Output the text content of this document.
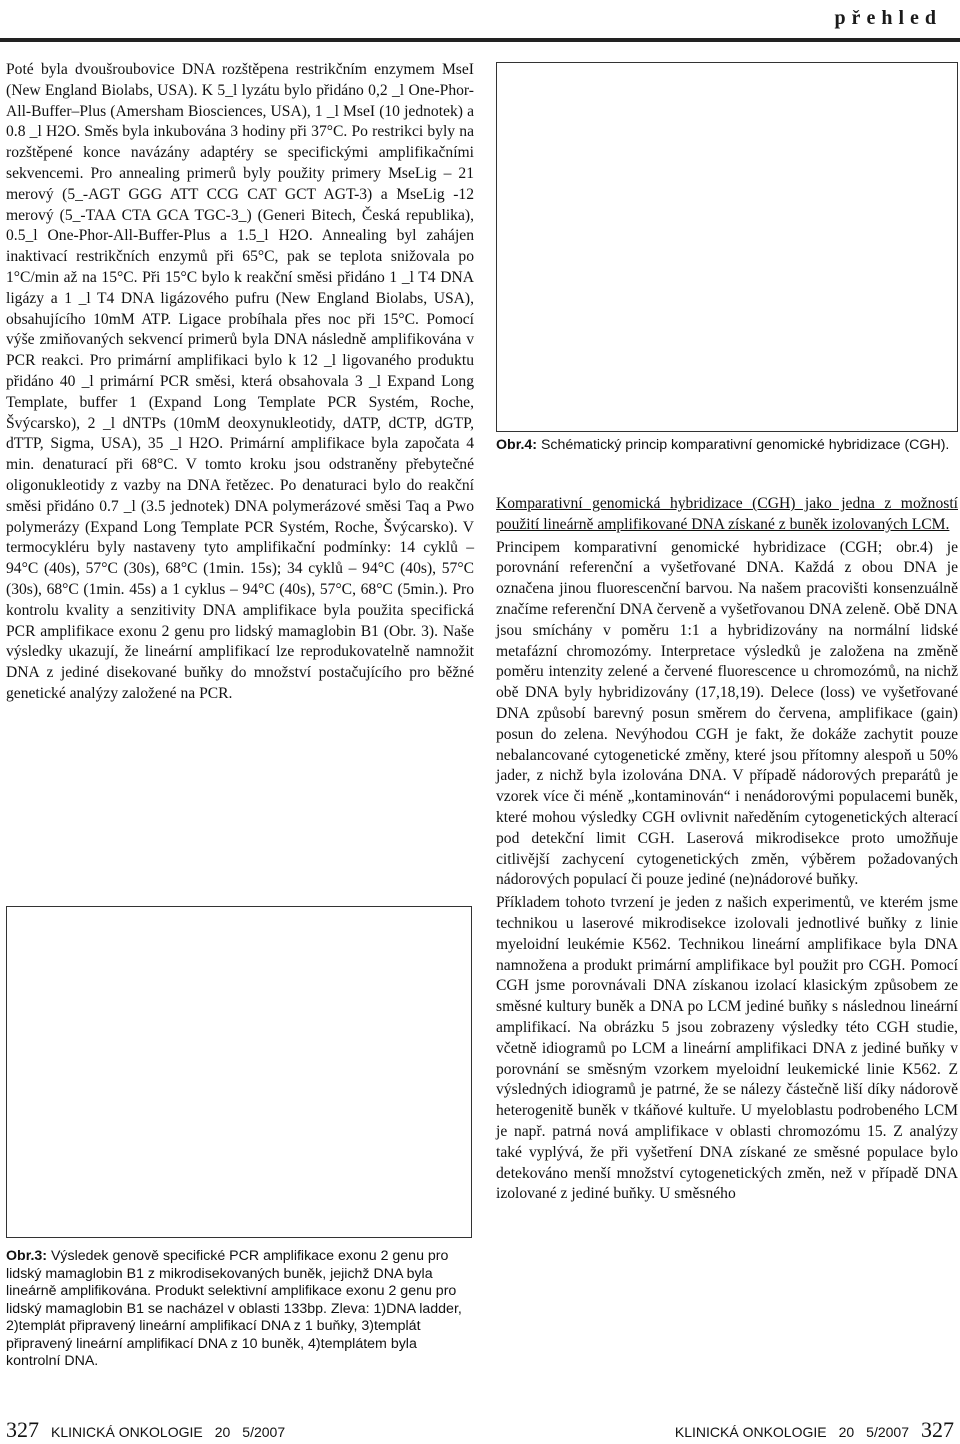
přehled

Poté byla dvoušroubovice DNA rozštěpena restrikčním enzymem MseI (New England Biolabs, USA). K 5_l lyzátu bylo přidáno 0,2 _l One-Phor-All-Buffer–Plus (Amersham Biosciences, USA), 1 _l MseI (10 jednotek) a 0.8 _l H2O. Směs byla inkubována 3 hodiny při 37°C. Po restrikci byly na rozštěpené konce navázány adaptéry se specifickými amplifikačními sekvencemi. Pro annealing primerů byly použity primery MseLig – 21 merový (5_-AGT GGG ATT CCG CAT GCT AGT-3) a MseLig -12 merový (5_-TAA CTA GCA TGC-3_) (Generi Bitech, Česká republika), 0.5_l One-Phor-All-Buffer-Plus a 1.5_l H2O. Annealing byl zahájen inaktivací restrikčních enzymů při 65°C, pak se teplota snižovala po 1°C/min až na 15°C. Při 15°C bylo k reakční směsi přidáno 1 _l T4 DNA ligázy a 1 _l T4 DNA ligázového pufru (New England Biolabs, USA), obsahujícího 10mM ATP. Ligace probíhala přes noc při 15°C. Pomocí výše zmiňovaných sekvencí primerů byla DNA následně amplifikována v PCR reakci. Pro primární amplifikaci bylo k 12 _l ligovaného produktu přidáno 40 _l primární PCR směsi, která obsahovala 3 _l Expand Long Template, buffer 1 (Expand Long Template PCR Systém, Roche, Švýcarsko), 2 _l dNTPs (10mM deoxynukleotidy, dATP, dCTP, dGTP, dTTP, Sigma, USA), 35 _l H2O. Primární amplifikace byla započata 4 min. denaturací při 68°C. V tomto kroku jsou odstraněny přebytečné oligonukleotidy z vazby na DNA řetězec. Po denaturaci bylo do reakční směsi přidáno 0.7 _l (3.5 jednotek) DNA polymerázové směsi Taq a Pwo polymerázy (Expand Long Template PCR Systém, Roche, Švýcarsko). V termocykléru byly nastaveny tyto amplifikační podmínky: 14 cyklů – 94°C (40s), 57°C (30s), 68°C (1min. 15s); 34 cyklů – 94°C (40s), 57°C (30s), 68°C (1min. 45s) a 1 cyklus – 94°C (40s), 57°C, 68°C (5min.). Pro kontrolu kvality a senzitivity DNA amplifikace byla použita specifická PCR amplifikace exonu 2 genu pro lidský mamaglobin B1 (Obr. 3). Naše výsledky ukazují, že lineární amplifikací lze reprodukovatelně namnožit DNA z jediné disekované buňky do množství postačujícího pro běžné genetické analýzy založené na PCR.

Obr.3: Výsledek genově specifické PCR amplifikace exonu 2 genu pro lidský mamaglobin B1 z mikrodisekovaných buněk, jejichž DNA byla lineárně amplifikována. Produkt selektivní amplifikace exonu 2 genu pro lidský mamaglobin B1 se nacházel v oblasti 133bp. Zleva: 1)DNA ladder, 2)templát připravený lineární amplifikací DNA z 1 buňky, 3)templát připravený lineární amplifikací DNA z 10 buněk, 4)templátem byla kontrolní DNA.
Obr.4: Schématický princip komparativní genomické hybridizace (CGH).

Komparativní genomická hybridizace (CGH) jako jedna z možností použití lineárně amplifikované DNA získané z buněk izolovaných LCM.

Principem komparativní genomické hybridizace (CGH; obr.4) je porovnání referenční a vyšetřované DNA. Každá z obou DNA je označena jinou fluorescenční barvou. Na našem pracovišti konsenzuálně značíme referenční DNA červeně a vyšetřovanou DNA zeleně. Obě DNA jsou smíchány v poměru 1:1 a hybridizovány na normální lidské metafázní chromozómy. Interpretace výsledků je založena na změně poměru intenzity zelené a červené fluorescence u chromozómů, na nichž obě DNA byly hybridizovány (17,18,19). Delece (loss) ve vyšetřované DNA způsobí barevný posun směrem do červena, amplifikace (gain) posun do zelena. Nevýhodou CGH je fakt, že dokáže zachytit pouze nebalancované cytogenetické změny, které jsou přítomny alespoň u 50% jader, z nichž byla izolována DNA. V případě nádorových preparátů je vzorek více či méně „kontaminován“ i nenádorovými populacemi buněk, které mohou výsledky CGH ovlivnit naředěním cytogenetických alterací pod detekční limit CGH. Laserová mikrodisekce proto umožňuje citlivější zachycení cytogenetických změn, výběrem požadovaných nádorových populací či pouze jediné (ne)nádorové buňky.

Příkladem tohoto tvrzení je jeden z našich experimentů, ve kterém jsme technikou u laserové mikrodisekce izolovali jednotlivé buňky z linie myeloidní leukémie K562. Technikou lineární amplifikace byla DNA namnožena a produkt primární amplifikace byl použit pro CGH. Pomocí CGH jsme porovnávali DNA získanou izolací klasickým způsobem ze směsné kultury buněk a DNA po LCM jediné buňky s následnou lineární amplifikací. Na obrázku 5 jsou zobrazeny výsledky této CGH studie, včetně idiogramů po LCM a lineární amplifikaci DNA z jediné buňky v porovnání se směsným vzorkem myeloidní leukemické linie K562. Z výsledných idiogramů je patrné, že se nálezy částečně liší díky nádorově heterogenitě buněk v tkáňové kultuře. U myeloblastu podrobeného LCM je např. patrná nová amplifikace v oblasti chromozómu 15. Z analýzy také vyplývá, že při vyšetření DNA získané ze směsné populace bylo detekováno menší množství cytogenetických změn, než v případě DNA izolované z jediné buňky. U směsného

327 KLINICKÁ ONKOLOGIE 20 5/2007	KLINICKÁ ONKOLOGIE 20 5/2007 327
